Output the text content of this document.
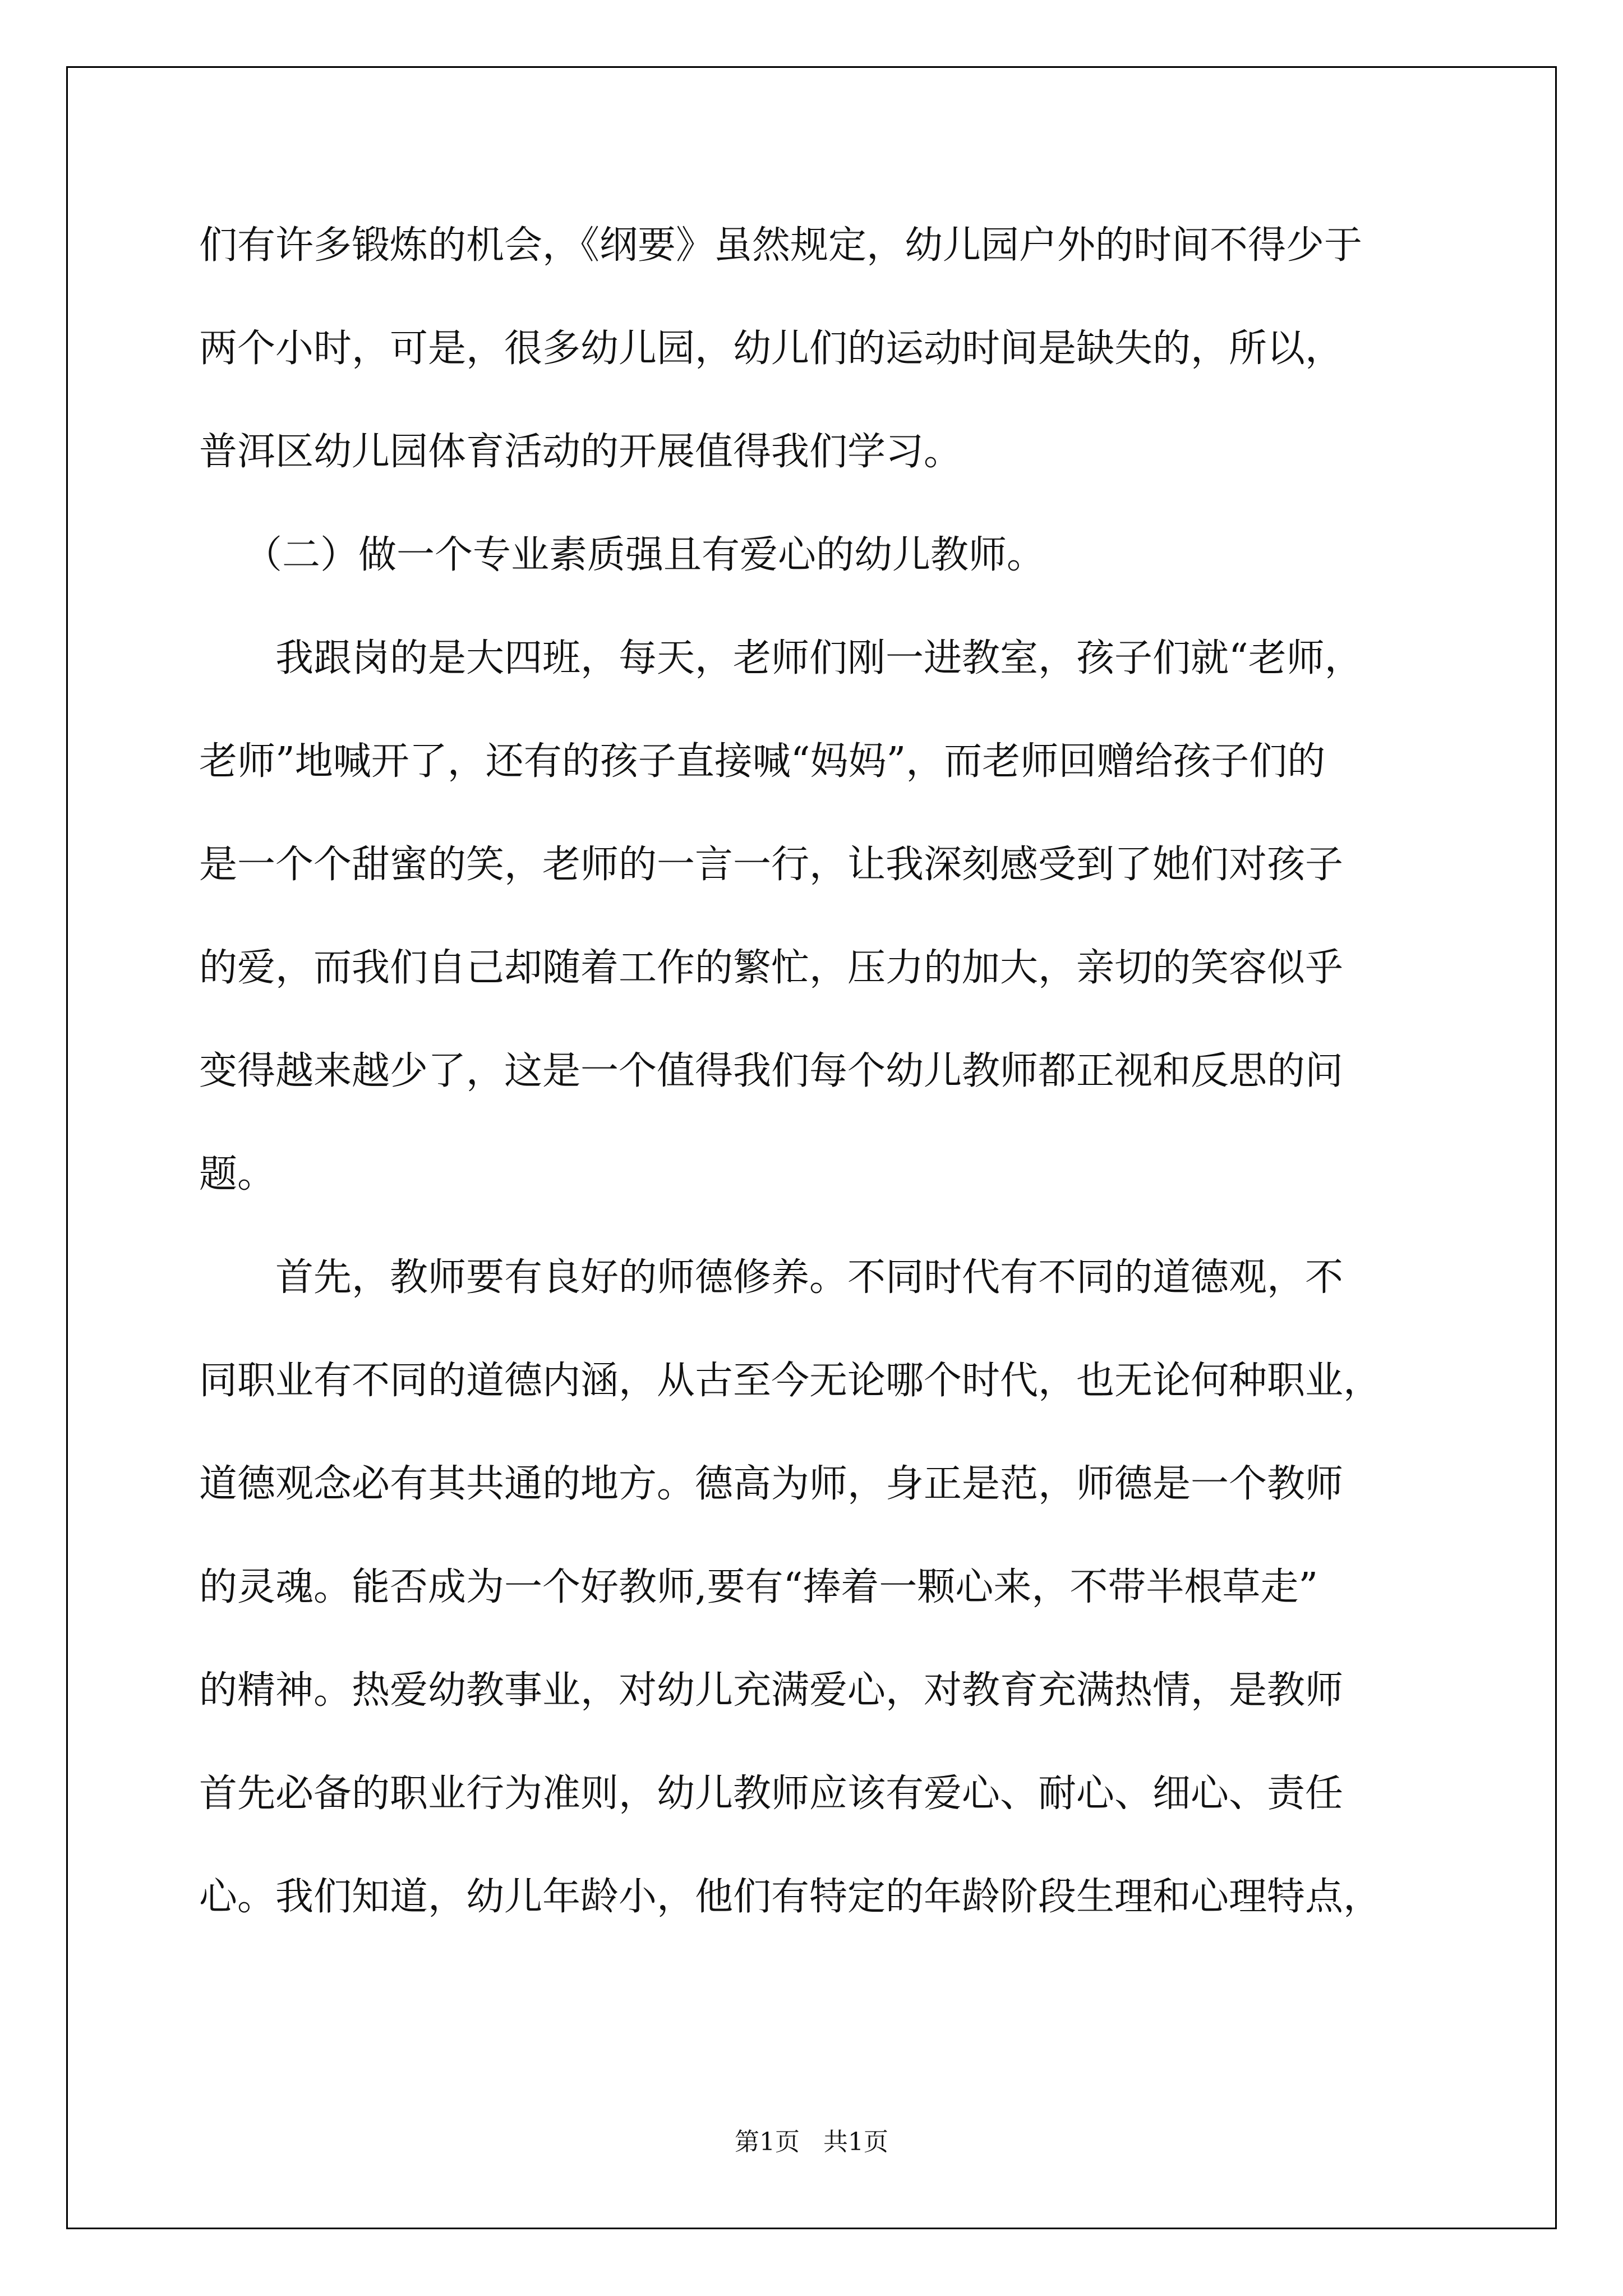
们有许多锻炼的机会，《纲要》虽然规定，幼儿园户外的时间不得少于
两个小时，可是，很多幼儿园，幼儿们的运动时间是缺失的，所以，
普洱区幼儿园体育活动的开展值得我们学习。
（二）做一个专业素质强且有爱心的幼儿教师。
我跟岗的是大四班，每天，老师们刚一进教室，孩子们就“老师，
老师”地喊开了，还有的孩子直接喊“妈妈”，而老师回赠给孩子们的
是一个个甜蜜的笑，老师的一言一行，让我深刻感受到了她们对孩子
的爱，而我们自己却随着工作的繁忙，压力的加大，亲切的笑容似乎
变得越来越少了，这是一个值得我们每个幼儿教师都正视和反思的问
题。
首先，教师要有良好的师德修养。不同时代有不同的道德观，不
同职业有不同的道德内涵，从古至今无论哪个时代，也无论何种职业，
道德观念必有其共通的地方。德高为师，身正是范，师德是一个教师
的灵魂。能否成为一个好教师,要有“捧着一颗心来，不带半根草走”
的精神。热爱幼教事业，对幼儿充满爱心，对教育充满热情，是教师
首先必备的职业行为准则，幼儿教师应该有爱心、耐心、细心、责任
心。我们知道，幼儿年龄小，他们有特定的年龄阶段生理和心理特点，
第1页   共1页
